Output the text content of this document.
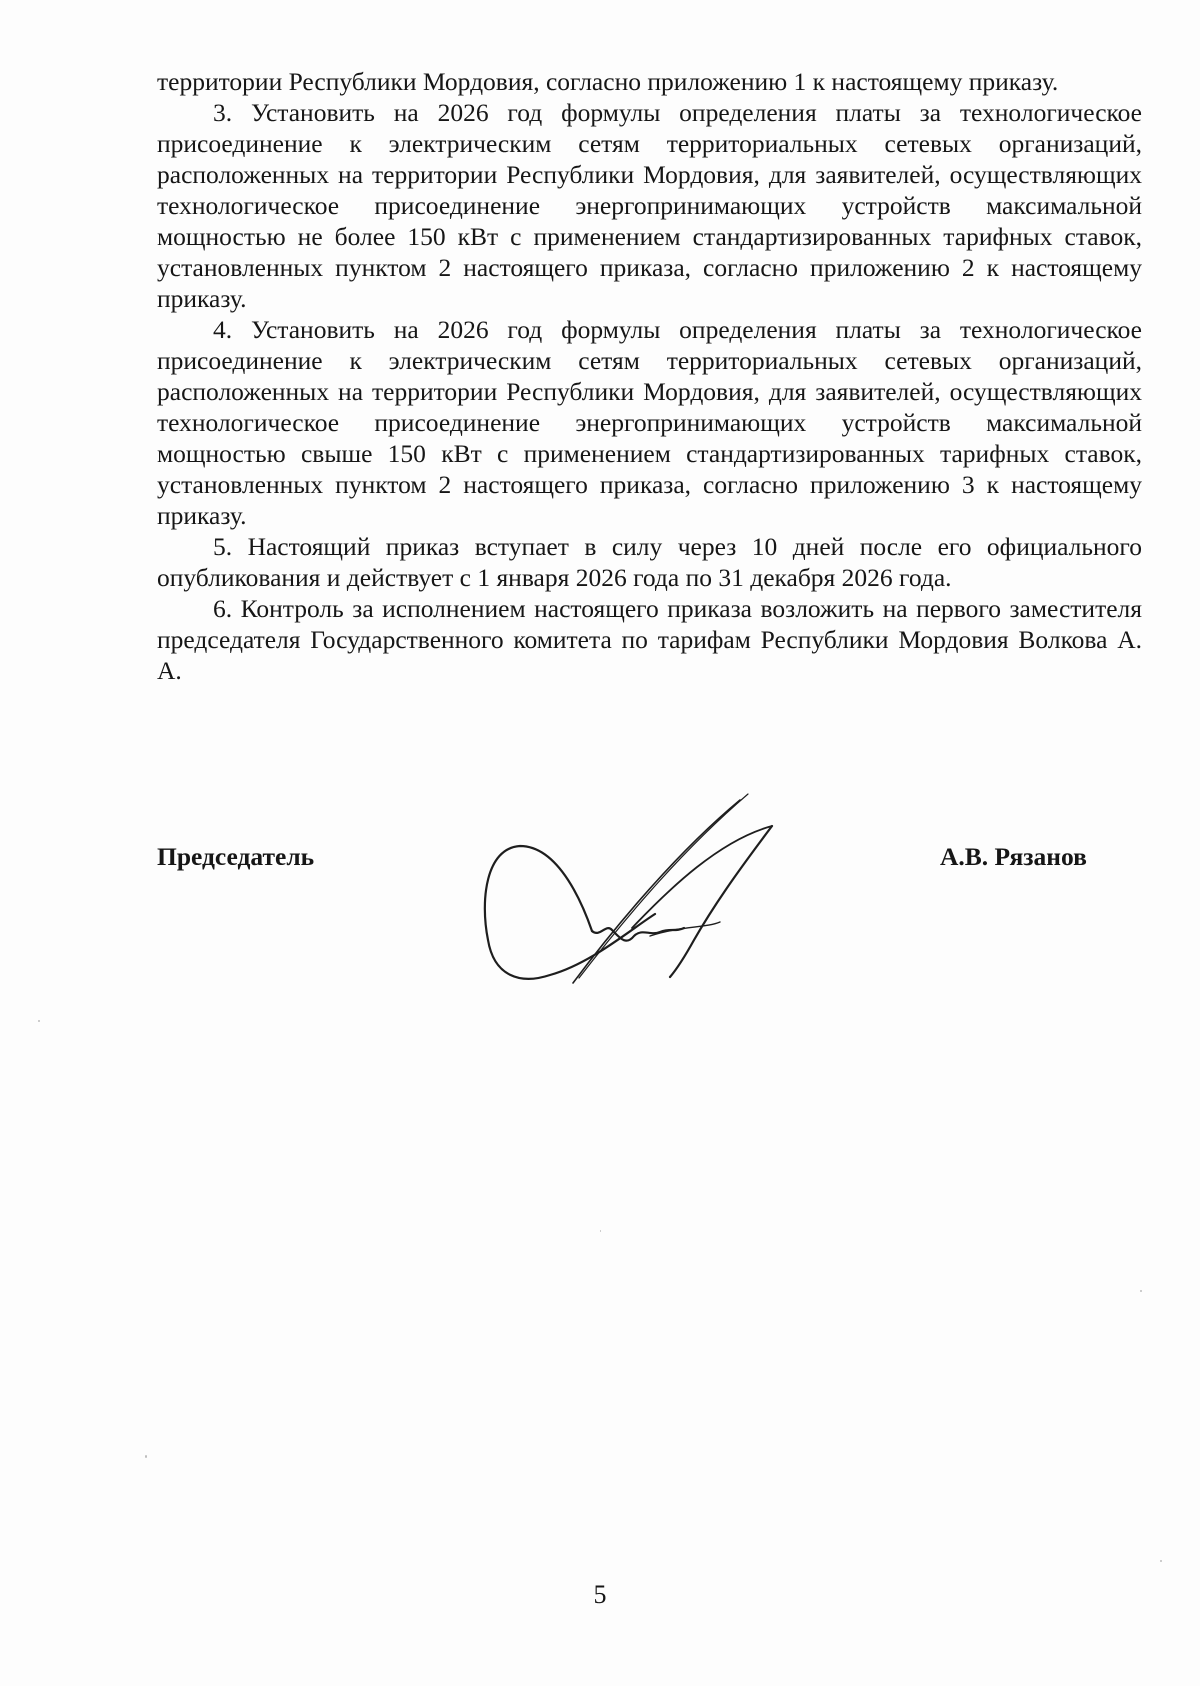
территории Республики Мордовия, согласно приложению 1 к настоящему приказу.

3. Установить на 2026 год формулы определения платы за технологическое присоединение к электрическим сетям территориальных сетевых организаций, расположенных на территории Республики Мордовия, для заявителей, осуществляющих технологическое присоединение энергопринимающих устройств максимальной мощностью не более 150 кВт с применением стандартизированных тарифных ставок, установленных пунктом 2 настоящего приказа, согласно приложению 2 к настоящему приказу.

4. Установить на 2026 год формулы определения платы за технологическое присоединение к электрическим сетям территориальных сетевых организаций, расположенных на территории Республики Мордовия, для заявителей, осуществляющих технологическое присоединение энергопринимающих устройств максимальной мощностью свыше 150 кВт с применением стандартизированных тарифных ставок, установленных пунктом 2 настоящего приказа, согласно приложению 3 к настоящему приказу.

5. Настоящий приказ вступает в силу через 10 дней после его официального опубликования и действует с 1 января 2026 года по 31 декабря 2026 года.

6. Контроль за исполнением настоящего приказа возложить на первого заместителя председателя Государственного комитета по тарифам Республики Мордовия Волкова А. А.

Председатель	А.В. Рязанов
5
